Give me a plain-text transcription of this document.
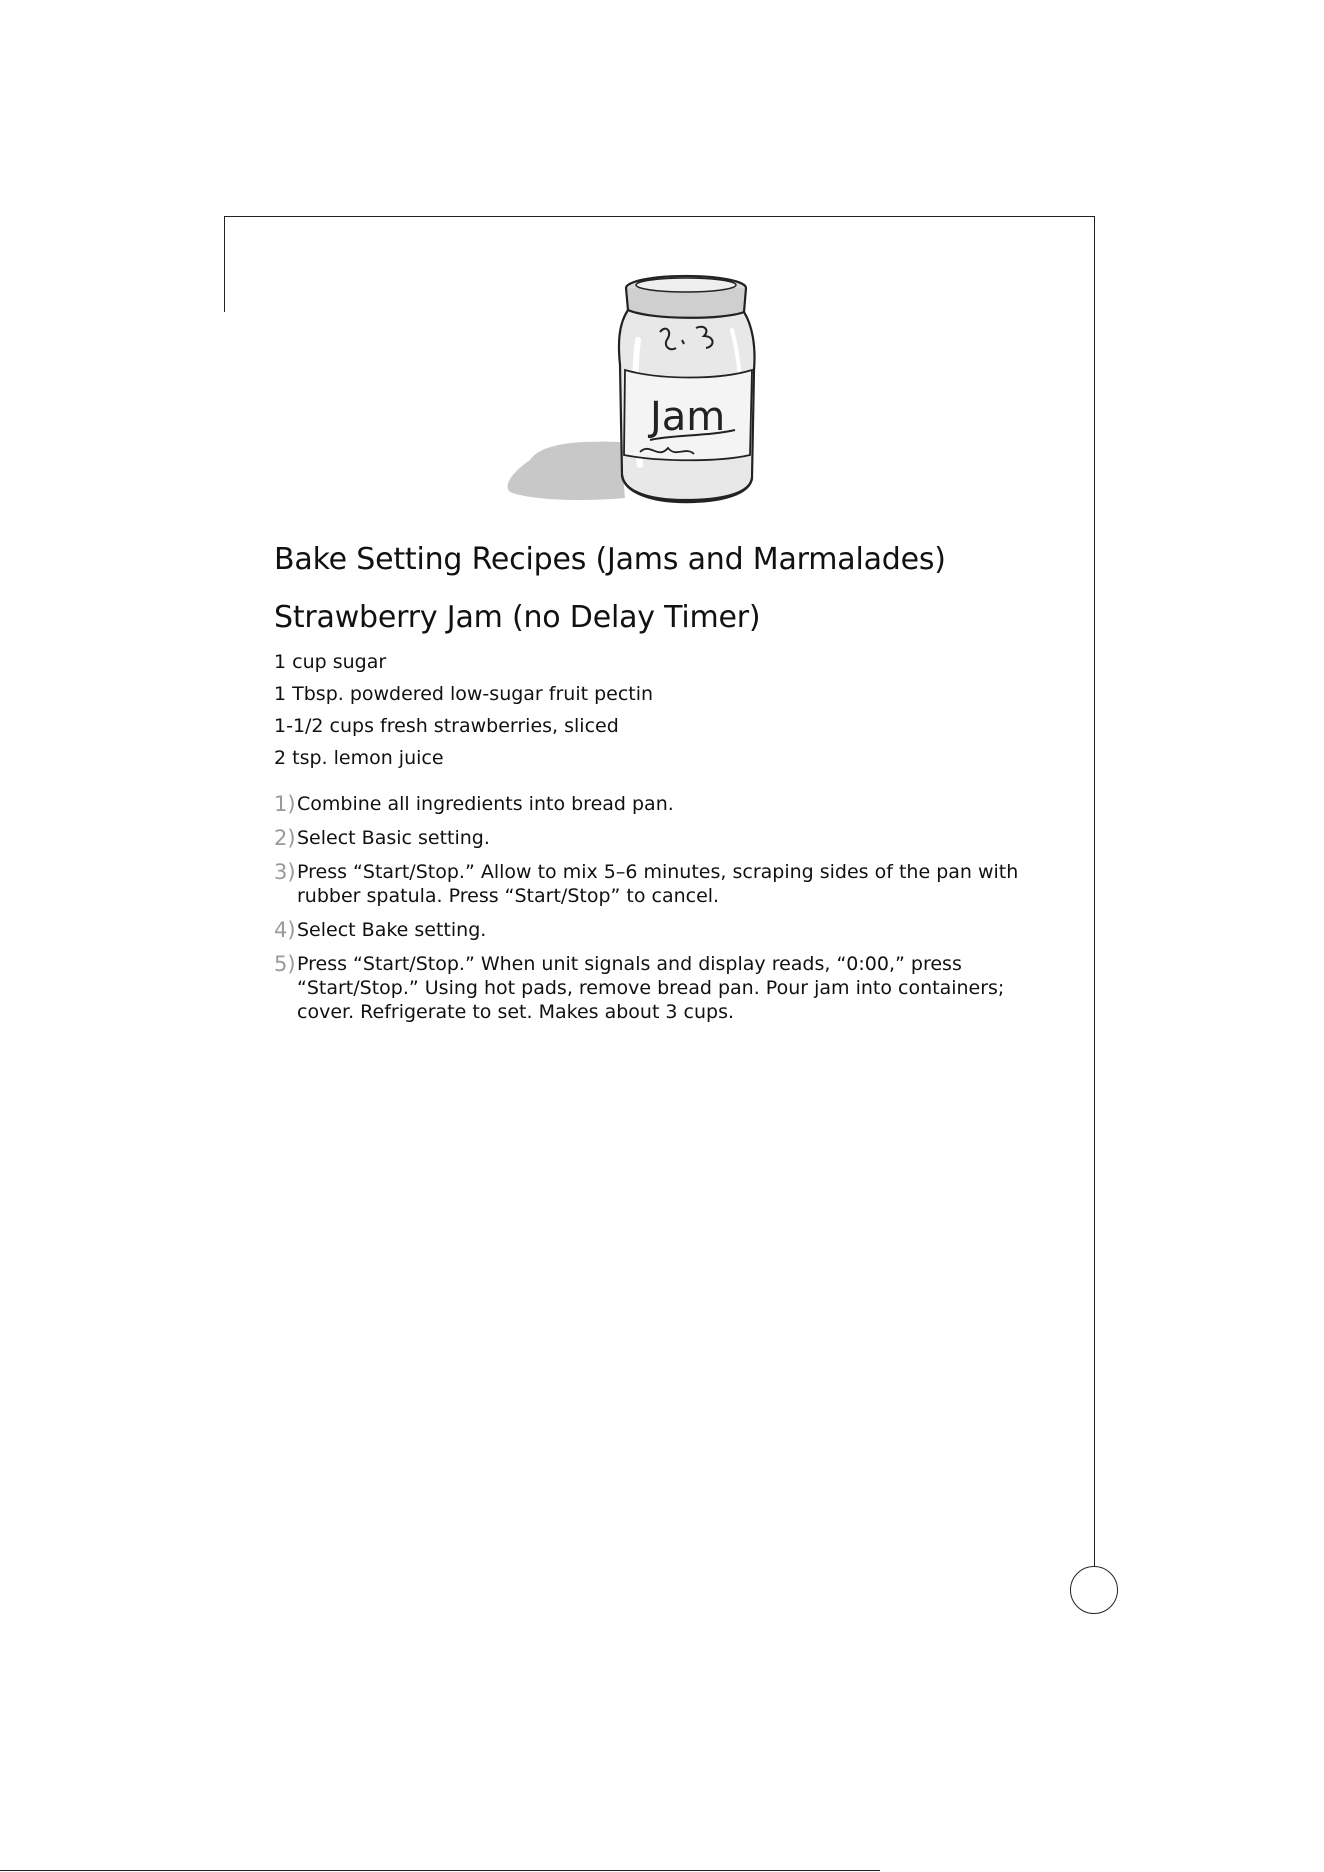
Jam
Bake Setting Recipes (Jams and Marmalades)
Strawberry Jam (no Delay Timer)
1 cup sugar
1 Tbsp. powdered low-sugar fruit pectin
1-1/2 cups fresh strawberries, sliced
2 tsp. lemon juice
1) Combine all ingredients into bread pan.
2) Select Basic setting.
3) Press “Start/Stop.” Allow to mix 5–6 minutes, scraping sides of the pan with rubber spatula. Press “Start/Stop” to cancel.
4) Select Bake setting.
5) Press “Start/Stop.” When unit signals and display reads, “0:00,” press “Start/Stop.” Using hot pads, remove bread pan. Pour jam into containers; cover. Refrigerate to set. Makes about 3 cups.
